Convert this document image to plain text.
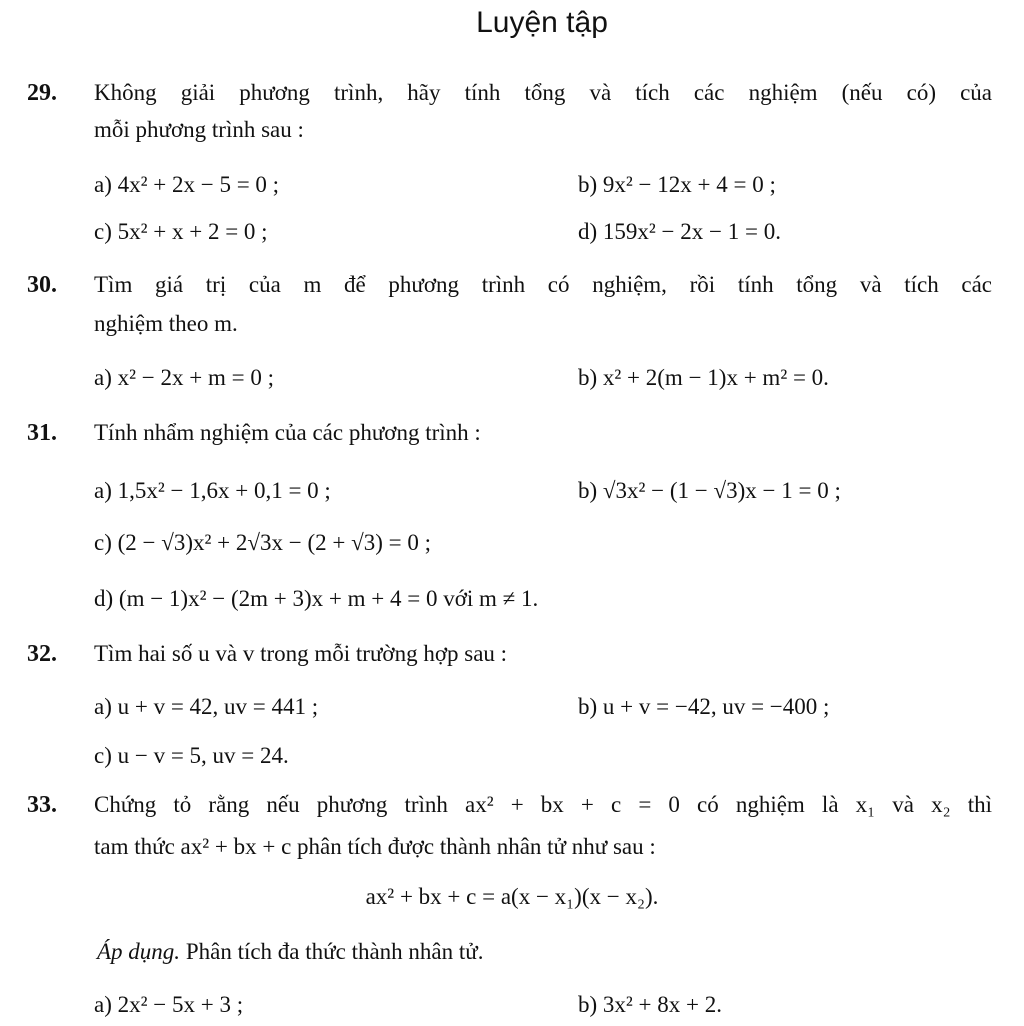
Luyện tập
29. Không giải phương trình, hãy tính tổng và tích các nghiệm (nếu có) của
mỗi phương trình sau :
a) 4x² + 2x − 5 = 0 ;	b) 9x² − 12x + 4 = 0 ;
c) 5x² + x + 2 = 0 ;	d) 159x² − 2x − 1 = 0.
30. Tìm giá trị của m để phương trình có nghiệm, rồi tính tổng và tích các
nghiệm theo m.
a) x² − 2x + m = 0 ;	b) x² + 2(m − 1)x + m² = 0.
31. Tính nhẩm nghiệm của các phương trình :
a) 1,5x² − 1,6x + 0,1 = 0 ;	b) √3x² − (1 − √3)x − 1 = 0 ;
c) (2 − √3)x² + 2√3x − (2 + √3) = 0 ;
d) (m − 1)x² − (2m + 3)x + m + 4 = 0 với m ≠ 1.
32. Tìm hai số u và v trong mỗi trường hợp sau :
a) u + v = 42, uv = 441 ;	b) u + v = −42, uv = −400 ;
c) u − v = 5, uv = 24.
33. Chứng tỏ rằng nếu phương trình ax² + bx + c = 0 có nghiệm là x₁ và x₂ thì
tam thức ax² + bx + c phân tích được thành nhân tử như sau :
ax² + bx + c = a(x − x₁)(x − x₂).
Áp dụng. Phân tích đa thức thành nhân tử.
a) 2x² − 5x + 3 ;	b) 3x² + 8x + 2.
